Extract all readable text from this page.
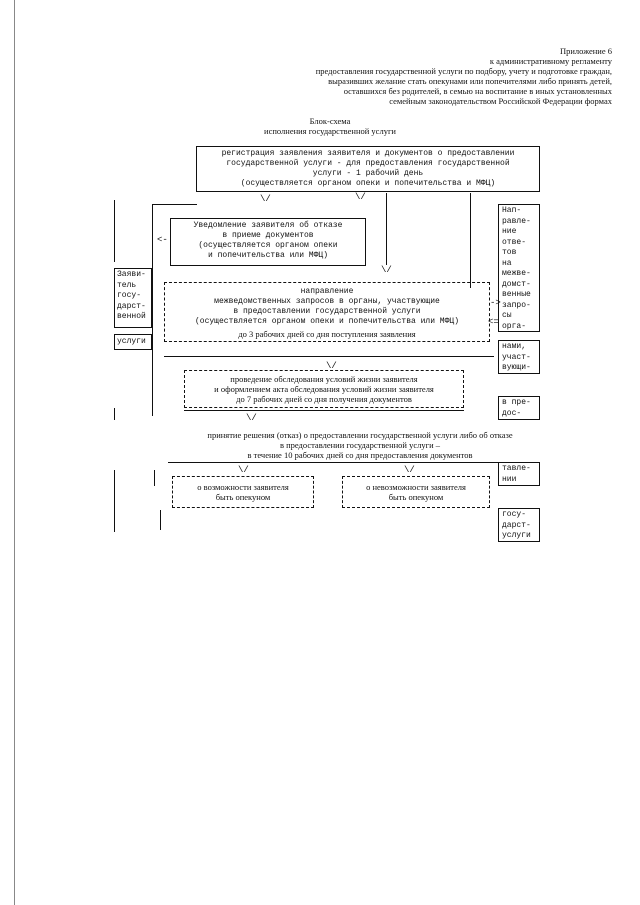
Приложение 6
к административному регламенту
предоставления государственной услуги по подбору, учету и подготовке граждан,
выразивших желание стать опекунами или попечителями либо принять детей,
оставшихся без родителей, в семью на воспитание в иных установленных
семейным законодательством Российской Федерации формах
Блок-схема
исполнения государственной услуги
регистрация заявления заявителя и документов о предоставлении
государственной услуги - для предоставления государственной
услуги - 1 рабочий день
(осуществляется органом опеки и попечительства и МФЦ)
\/	\/
\/
Уведомление заявителя об отказе
в приеме документов
(осуществляется органом опеки
и попечительства или МФЦ)
<-
направление
межведомственных запросов в органы, участвующие
в предоставлении государственной услуги
(осуществляется органом опеки и попечительства или МФЦ)
до 3 рабочих дней со дня поступления заявления
->
<=
\/
проведение обследования условий жизни заявителя
и оформлением акта обследования условий жизни заявителя
до 7 рабочих дней со дня получения документов
\/
принятие решения (отказ) о предоставлении государственной услуги либо об отказе
в предоставлении государственной услуги –
в течение 10 рабочих дней со дня предоставления документов
\/	\/
о возможности заявителя
быть опекуном
о невозможности заявителя
быть опекуном
Заяви-
тель
госу-
дарст-
венной
услуги
Нап-
равле-
ние
отве-
тов
на
межве-
домст-
венные
запро-
сы
орга-
нами,
участ-
вующи-
в пре-
дос-
тавле-
нии
госу-
дарст-
услуги
